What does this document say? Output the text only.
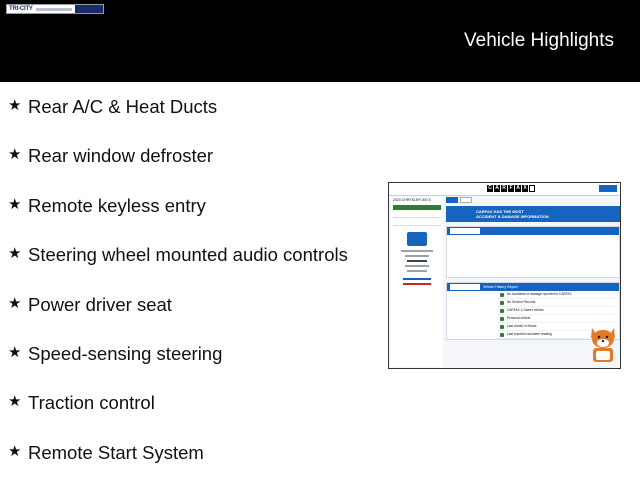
TRI-CITY
Vehicle Highlights
★ Rear A/C & Heat Ducts
★ Rear window defroster
★ Remote keyless entry
★ Steering wheel mounted audio controls
★ Power driver seat
★ Speed-sensing steering
★ Traction control
★ Remote Start System
C A R F A X
2020 CHRYSLER 300 S
CARFAX HAS THE MOST
ACCIDENT & DAMAGE INFORMATION
Vehicle History Report
No Accidents or damage reported to CARFAX
No Service Records
CARFAX 1-Owner vehicle
Personal vehicle
Last owned in Illinois
Last reported odometer reading
